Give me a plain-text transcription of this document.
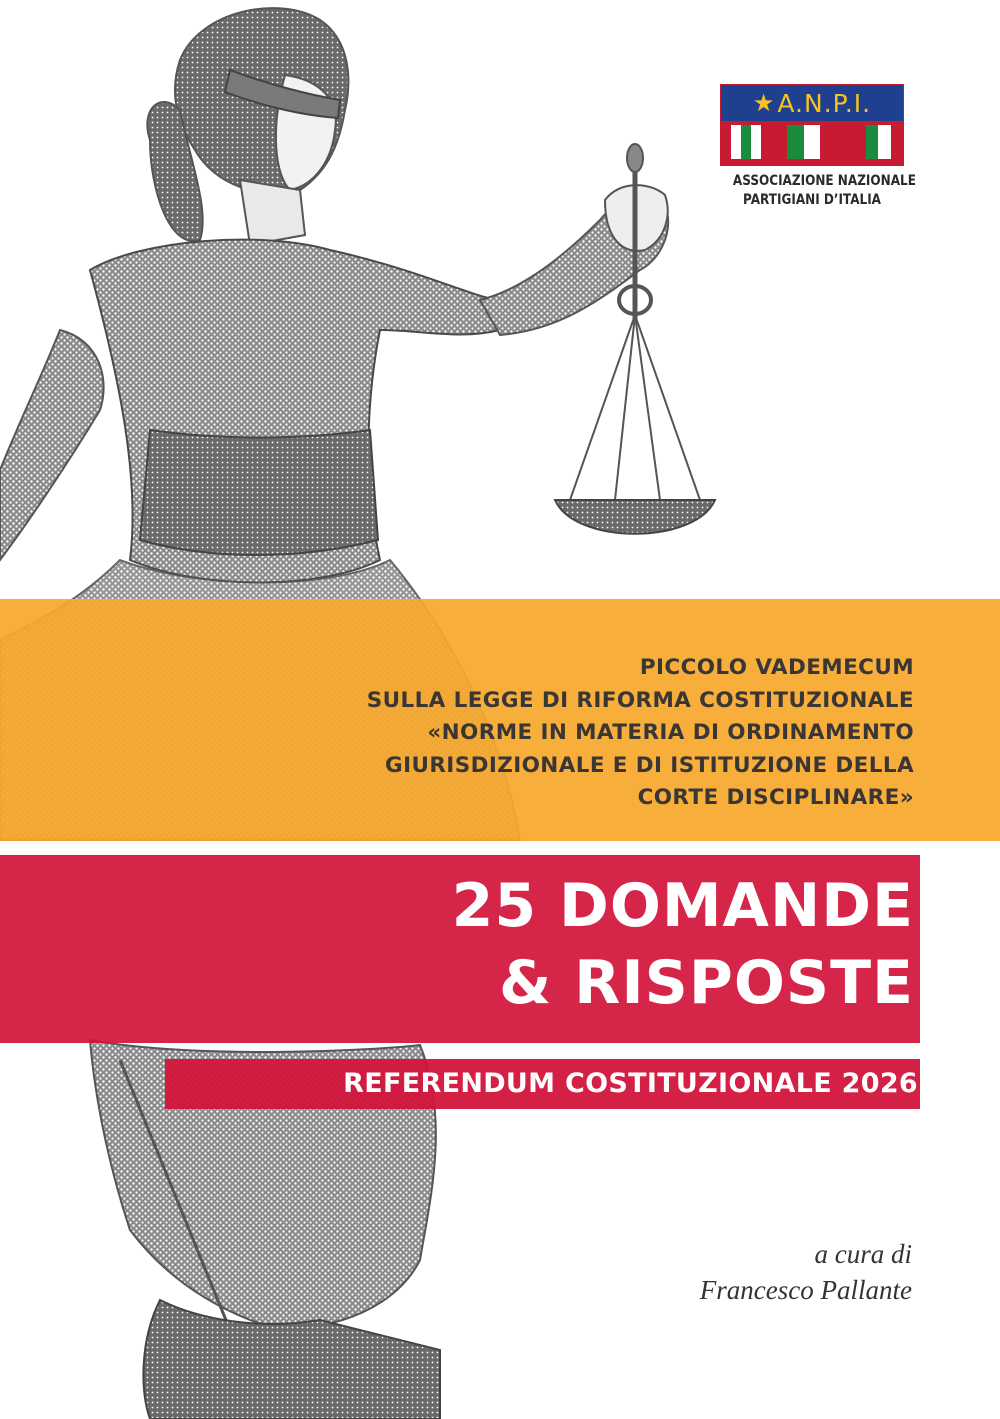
★ A.N.P.I.
ASSOCIAZIONE NAZIONALE
PARTIGIANI D’ITALIA
PICCOLO VADEMECUM
SULLA LEGGE DI RIFORMA COSTITUZIONALE
«NORME IN MATERIA DI ORDINAMENTO
GIURISDIZIONALE E DI ISTITUZIONE DELLA
CORTE DISCIPLINARE»
25 DOMANDE
& RISPOSTE
REFERENDUM COSTITUZIONALE 2026
a cura di
Francesco Pallante
